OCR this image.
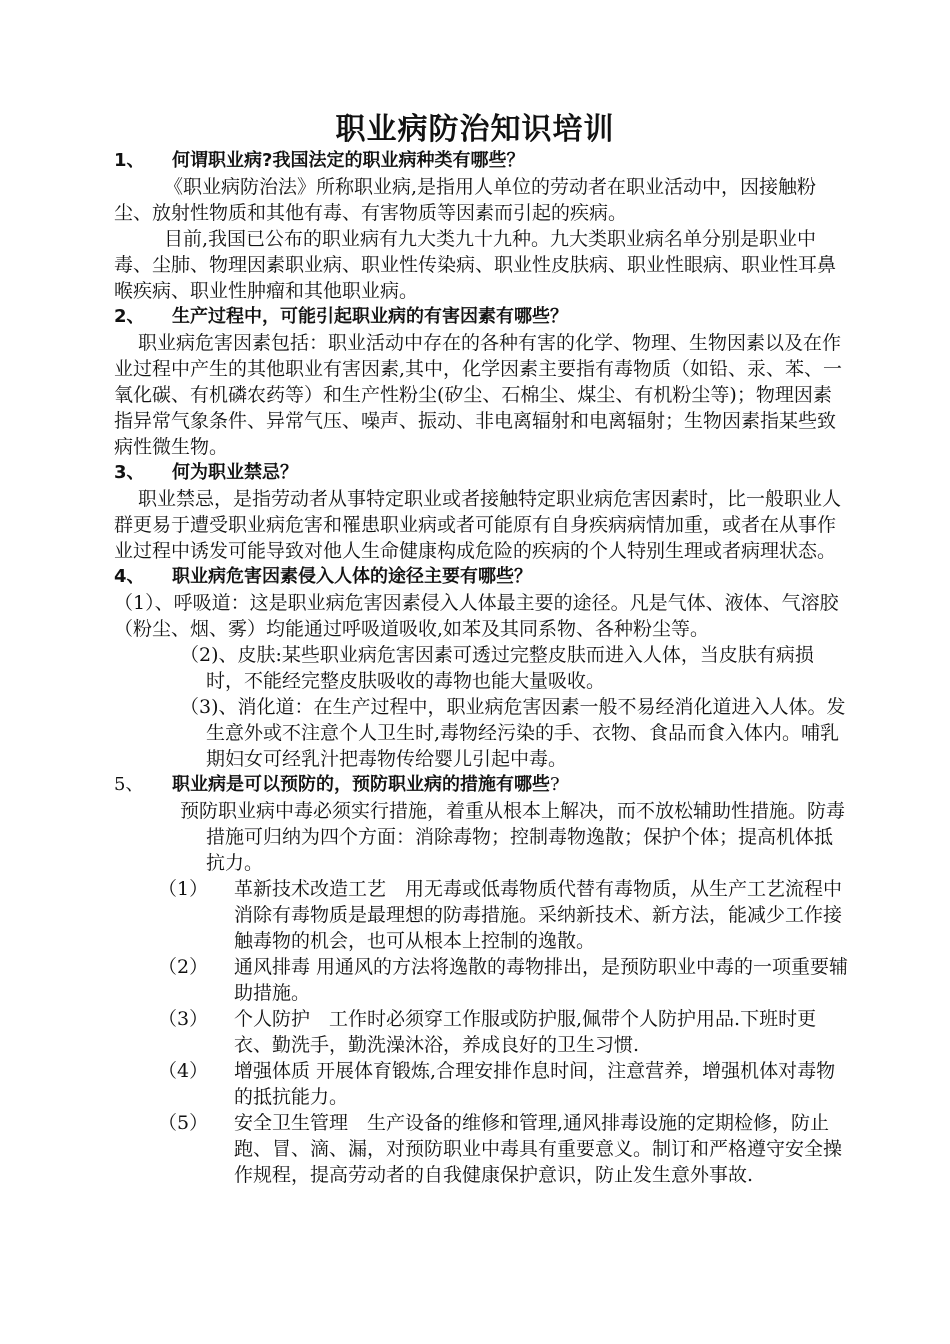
职业病防治知识培训
1、	何谓职业病?我国法定的职业病种类有哪些？

《职业病防治法》所称职业病,是指用人单位的劳动者在职业活动中，因接触粉尘、放射性物质和其他有毒、有害物质等因素而引起的疾病。

目前,我国已公布的职业病有九大类九十九种。九大类职业病名单分别是职业中毒、尘肺、物理因素职业病、职业性传染病、职业性皮肤病、职业性眼病、职业性耳鼻喉疾病、职业性肿瘤和其他职业病。

2、	生产过程中，可能引起职业病的有害因素有哪些？

职业病危害因素包括：职业活动中存在的各种有害的化学、物理、生物因素以及在作业过程中产生的其他职业有害因素,其中，化学因素主要指有毒物质（如铅、汞、苯、一氧化碳、有机磷农药等）和生产性粉尘(矽尘、石棉尘、煤尘、有机粉尘等)；物理因素指异常气象条件、异常气压、噪声、振动、非电离辐射和电离辐射；生物因素指某些致病性微生物。

3、	何为职业禁忌？

职业禁忌，是指劳动者从事特定职业或者接触特定职业病危害因素时，比一般职业人群更易于遭受职业病危害和罹患职业病或者可能原有自身疾病病情加重，或者在从事作业过程中诱发可能导致对他人生命健康构成危险的疾病的个人特别生理或者病理状态。

4、	职业病危害因素侵入人体的途径主要有哪些？

（1）、呼吸道：这是职业病危害因素侵入人体最主要的途径。凡是气体、液体、气溶胶（粉尘、烟、雾）均能通过呼吸道吸收,如苯及其同系物、各种粉尘等。

（2)、皮肤:某些职业病危害因素可透过完整皮肤而进入人体，当皮肤有病损时，不能经完整皮肤吸收的毒物也能大量吸收。

（3)、消化道：在生产过程中，职业病危害因素一般不易经消化道进入人体。发生意外或不注意个人卫生时,毒物经污染的手、衣物、食品而食入体内。哺乳期妇女可经乳汁把毒物传给婴儿引起中毒。

5、	职业病是可以预防的，预防职业病的措施有哪些?

预防职业病中毒必须实行措施，着重从根本上解决，而不放松辅助性措施。防毒措施可归纳为四个方面：消除毒物；控制毒物逸散；保护个体；提高机体抵抗力。

（1）	革新技术改造工艺　用无毒或低毒物质代替有毒物质，从生产工艺流程中消除有毒物质是最理想的防毒措施。采纳新技术、新方法，能减少工作接触毒物的机会，也可从根本上控制的逸散。
（2）	通风排毒 用通风的方法将逸散的毒物排出，是预防职业中毒的一项重要辅助措施。
（3）	个人防护　工作时必须穿工作服或防护服,佩带个人防护用品.下班时更衣、勤洗手，勤洗澡沐浴，养成良好的卫生习惯.
（4）	增强体质 开展体育锻炼,合理安排作息时间，注意营养，增强机体对毒物的抵抗能力。
（5）	安全卫生管理　生产设备的维修和管理,通风排毒设施的定期检修，防止跑、冒、滴、漏，对预防职业中毒具有重要意义。制订和严格遵守安全操作规程，提高劳动者的自我健康保护意识，防止发生意外事故.
